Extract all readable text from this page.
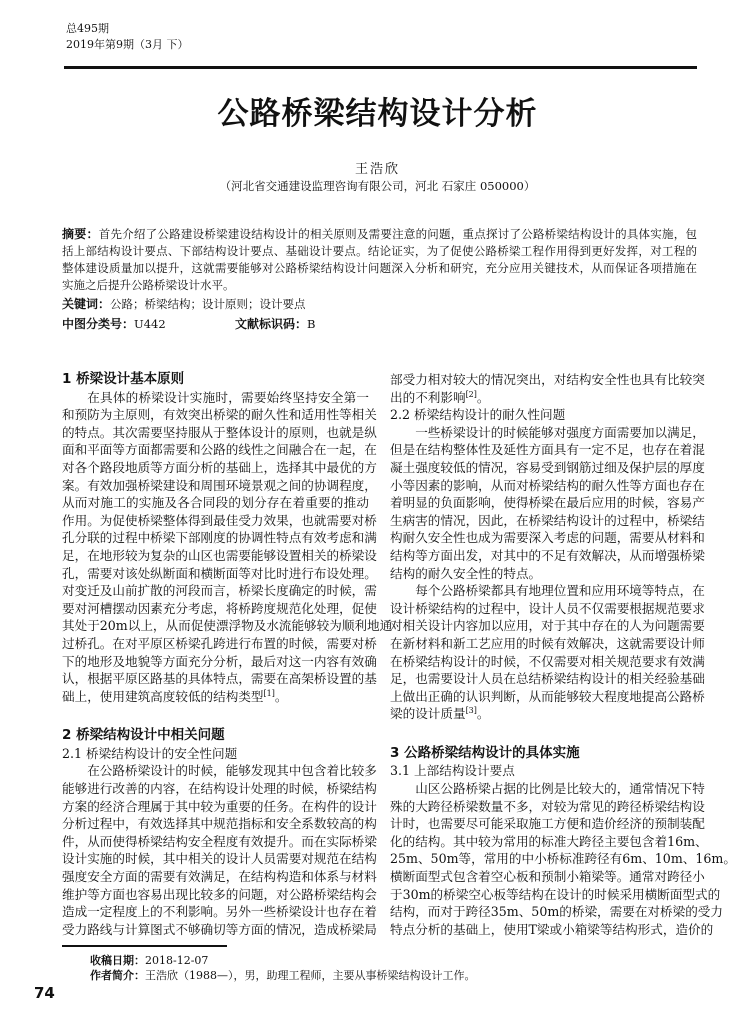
总495期
2019年第9期（3月 下）
公路桥梁结构设计分析
王浩欣
（河北省交通建设监理咨询有限公司，河北 石家庄 050000）
摘要：首先介绍了公路建设桥梁建设结构设计的相关原则及需要注意的问题，重点探讨了公路桥梁结构设计的具体实施，包
括上部结构设计要点、下部结构设计要点、基础设计要点。结论证实，为了促使公路桥梁工程作用得到更好发挥，对工程的
整体建设质量加以提升，这就需要能够对公路桥梁结构设计问题深入分析和研究，充分应用关键技术，从而保证各项措施在
实施之后提升公路桥梁设计水平。
关键词：公路；桥梁结构；设计原则；设计要点
中图分类号：U442	文献标识码：B
1 桥梁设计基本原则
在具体的桥梁设计实施时，需要始终坚持安全第一
和预防为主原则，有效突出桥梁的耐久性和适用性等相关
的特点。其次需要坚持服从于整体设计的原则，也就是纵
面和平面等方面都需要和公路的线性之间融合在一起，在
对各个路段地质等方面分析的基础上，选择其中最优的方
案。有效加强桥梁建设和周围环境景观之间的协调程度，
从而对施工的实施及各合同段的划分存在着重要的推动
作用。为促使桥梁整体得到最佳受力效果，也就需要对桥
孔分联的过程中桥梁下部刚度的协调性特点有效考虑和满
足，在地形较为复杂的山区也需要能够设置相关的桥梁设
孔，需要对该处纵断面和横断面等对比时进行布设处理。
对变迁及山前扩散的河段而言，桥梁长度确定的时候，需
要对河槽摆动因素充分考虑，将桥跨度规范化处理，促使
其处于20m以上，从而促使漂浮物及水流能够较为顺利地通
过桥孔。在对平原区桥梁孔跨进行布置的时候，需要对桥
下的地形及地貌等方面充分分析，最后对这一内容有效确
认，根据平原区路基的具体特点，需要在高架桥设置的基
础上，使用建筑高度较低的结构类型[1]。
2 桥梁结构设计中相关问题
2.1 桥梁结构设计的安全性问题
在公路桥梁设计的时候，能够发现其中包含着比较多
能够进行改善的内容，在结构设计处理的时候，桥梁结构
方案的经济合理属于其中较为重要的任务。在构件的设计
分析过程中，有效选择其中规范指标和安全系数较高的构
件，从而使得桥梁结构安全程度有效提升。而在实际桥梁
设计实施的时候，其中相关的设计人员需要对规范在结构
强度安全方面的需要有效满足，在结构构造和体系与材料
维护等方面也容易出现比较多的问题，对公路桥梁结构会
造成一定程度上的不利影响。另外一些桥梁设计也存在着
受力路线与计算图式不够确切等方面的情况，造成桥梁局
部受力相对较大的情况突出，对结构安全性也具有比较突
出的不利影响[2]。
2.2 桥梁结构设计的耐久性问题
一些桥梁设计的时候能够对强度方面需要加以满足，
但是在结构整体性及延性方面具有一定不足，也存在着混
凝土强度较低的情况，容易受到钢筋过细及保护层的厚度
小等因素的影响，从而对桥梁结构的耐久性等方面也存在
着明显的负面影响，使得桥梁在最后应用的时候，容易产
生病害的情况，因此，在桥梁结构设计的过程中，桥梁结
构耐久安全性也成为需要深入考虑的问题，需要从材料和
结构等方面出发，对其中的不足有效解决，从而增强桥梁
结构的耐久安全性的特点。
每个公路桥梁都具有地理位置和应用环境等特点，在
设计桥梁结构的过程中，设计人员不仅需要根据规范要求
对相关设计内容加以应用，对于其中存在的人为问题需要
在新材料和新工艺应用的时候有效解决，这就需要设计师
在桥梁结构设计的时候，不仅需要对相关规范要求有效满
足，也需要设计人员在总结桥梁结构设计的相关经验基础
上做出正确的认识判断，从而能够较大程度地提高公路桥
梁的设计质量[3]。
3 公路桥梁结构设计的具体实施
3.1 上部结构设计要点
山区公路桥梁占据的比例是比较大的，通常情况下特
殊的大跨径桥梁数量不多，对较为常见的跨径桥梁结构设
计时，也需要尽可能采取施工方便和造价经济的预制装配
化的结构。其中较为常用的标准大跨径主要包含着16m、
25m、50m等，常用的中小桥标准跨径有6m、10m、16m。
横断面型式包含着空心板和预制小箱梁等。通常对跨径小
于30m的桥梁空心板等结构在设计的时候采用横断面型式的
结构，而对于跨径35m、50m的桥梁，需要在对桥梁的受力
特点分析的基础上，使用T梁或小箱梁等结构形式，造价的
收稿日期：2018-12-07
作者简介：王浩欣（1988—），男，助理工程师，主要从事桥梁结构设计工作。
74
